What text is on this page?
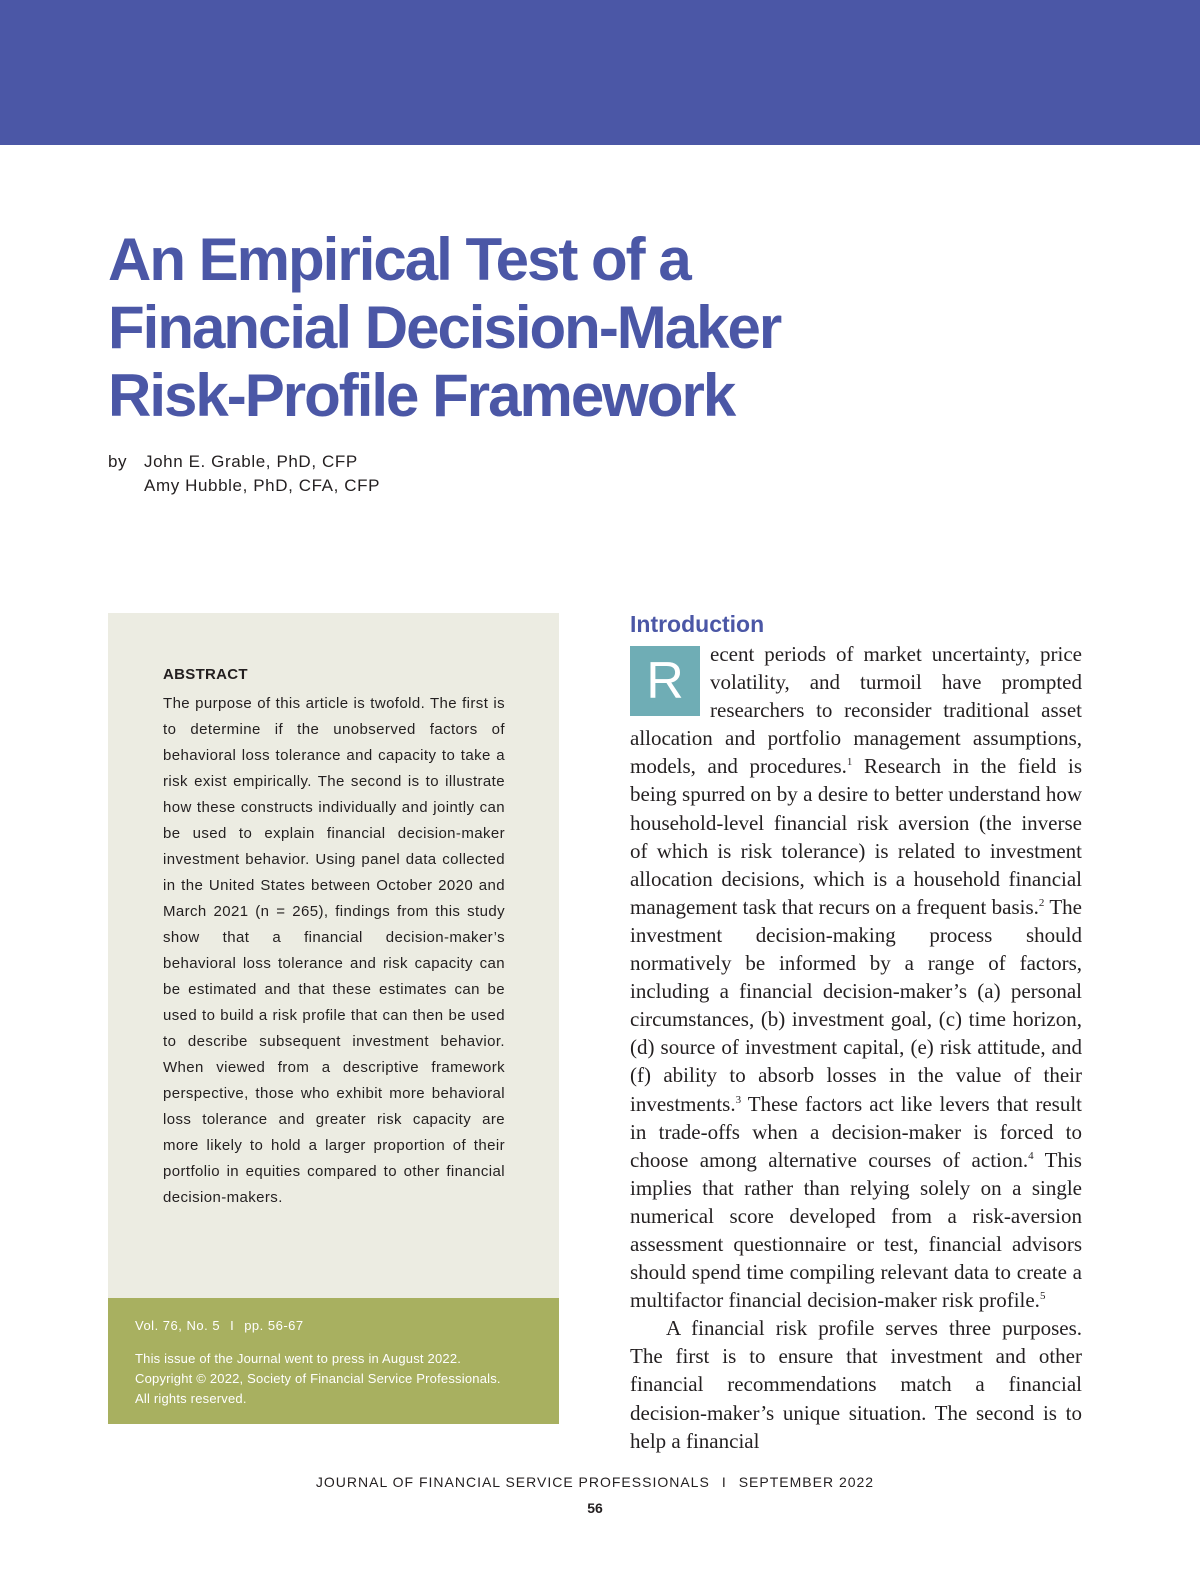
An Empirical Test of a
Financial Decision-Maker
Risk-Profile Framework
by John E. Grable, PhD, CFP
Amy Hubble, PhD, CFA, CFP
ABSTRACT

The purpose of this article is twofold. The first is to determine if the unobserved factors of behavioral loss tolerance and capacity to take a risk exist empirically. The second is to illustrate how these constructs individually and jointly can be used to explain financial decision-maker investment behavior. Using panel data collected in the United States between October 2020 and March 2021 (n = 265), findings from this study show that a financial decision-maker’s behavioral loss tolerance and risk capacity can be estimated and that these estimates can be used to build a risk profile that can then be used to describe subsequent investment behavior. When viewed from a descriptive framework perspective, those who exhibit more behavioral loss tolerance and greater risk capacity are more likely to hold a larger proportion of their portfolio in equities compared to other financial decision-makers.

Vol. 76, No. 5 I pp. 56-67
This issue of the Journal went to press in August 2022.
Copyright © 2022, Society of Financial Service Professionals.
All rights reserved.
Introduction

R	ecent periods of market uncertainty, price volatility, and turmoil have prompted researchers to reconsider traditional asset allocation and portfolio management assumptions, models, and procedures.$^1$ Research in the field is being spurred on by a desire to better understand how household-level financial risk aversion (the inverse of which is risk tolerance) is related to investment allocation decisions, which is a household financial management task that recurs on a frequent basis.$^2$ The investment decision-making process should normatively be informed by a range of factors, including a financial decision-maker’s (a) personal circumstances, (b) investment goal, (c) time horizon, (d) source of investment capital, (e) risk attitude, and (f) ability to absorb losses in the value of their investments.$^3$ These factors act like levers that result in trade-offs when a decision-maker is forced to choose among alternative courses of action.$^4$ This implies that rather than relying solely on a single numerical score developed from a risk-aversion assessment questionnaire or test, financial advisors should spend time compiling relevant data to create a multifactor financial decision-maker risk profile.$^5$

A financial risk profile serves three purposes. The first is to ensure that investment and other financial recommendations match a financial decision-maker’s unique situation. The second is to help a financial

JOURNAL OF FINANCIAL SERVICE PROFESSIONALS I SEPTEMBER 2022
56
